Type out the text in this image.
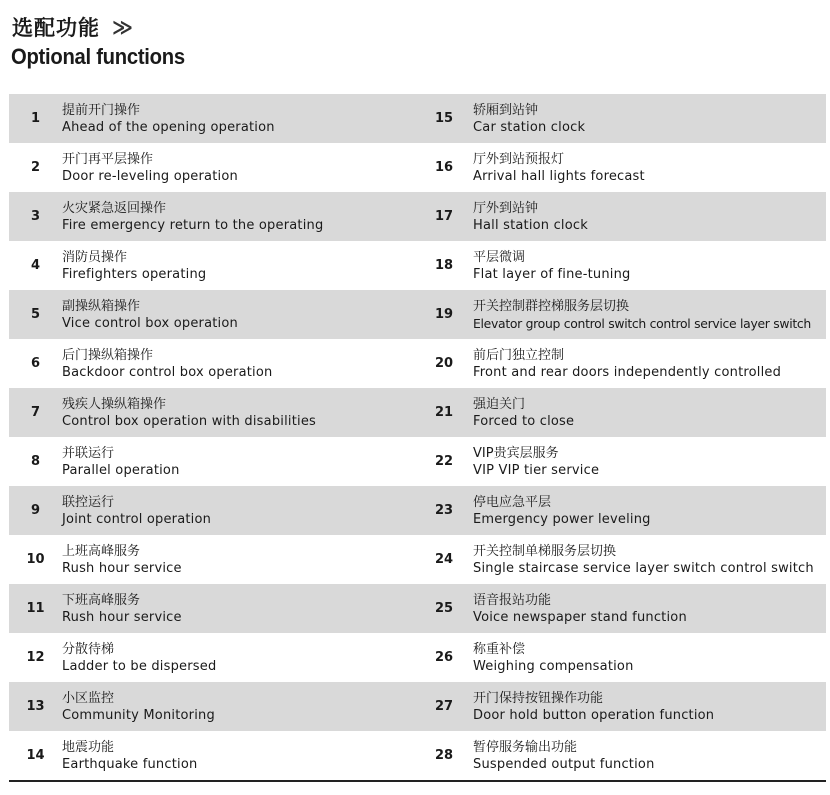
选配功能 ≫
Optional functions
1
提前开门操作
Ahead of the opening operation
15
轿厢到站钟
Car station clock
2
开门再平层操作
Door re-leveling operation
16
厅外到站预报灯
Arrival hall lights forecast
3
火灾紧急返回操作
Fire emergency return to the operating
17
厅外到站钟
Hall station clock
4
消防员操作
Firefighters operating
18
平层微调
Flat layer of fine-tuning
5
副操纵箱操作
Vice control box operation
19
开关控制群控梯服务层切换
Elevator group control switch control service layer switch
6
后门操纵箱操作
Backdoor control box operation
20
前后门独立控制
Front and rear doors independently controlled
7
残疾人操纵箱操作
Control box operation with disabilities
21
强迫关门
Forced to close
8
并联运行
Parallel operation
22
VIP贵宾层服务
VIP VIP tier service
9
联控运行
Joint control operation
23
停电应急平层
Emergency power leveling
10
上班高峰服务
Rush hour service
24
开关控制单梯服务层切换
Single staircase service layer switch control switch
11
下班高峰服务
Rush hour service
25
语音报站功能
Voice newspaper stand function
12
分散待梯
Ladder to be dispersed
26
称重补偿
Weighing compensation
13
小区监控
Community Monitoring
27
开门保持按钮操作功能
Door hold button operation function
14
地震功能
Earthquake function
28
暂停服务输出功能
Suspended output function
